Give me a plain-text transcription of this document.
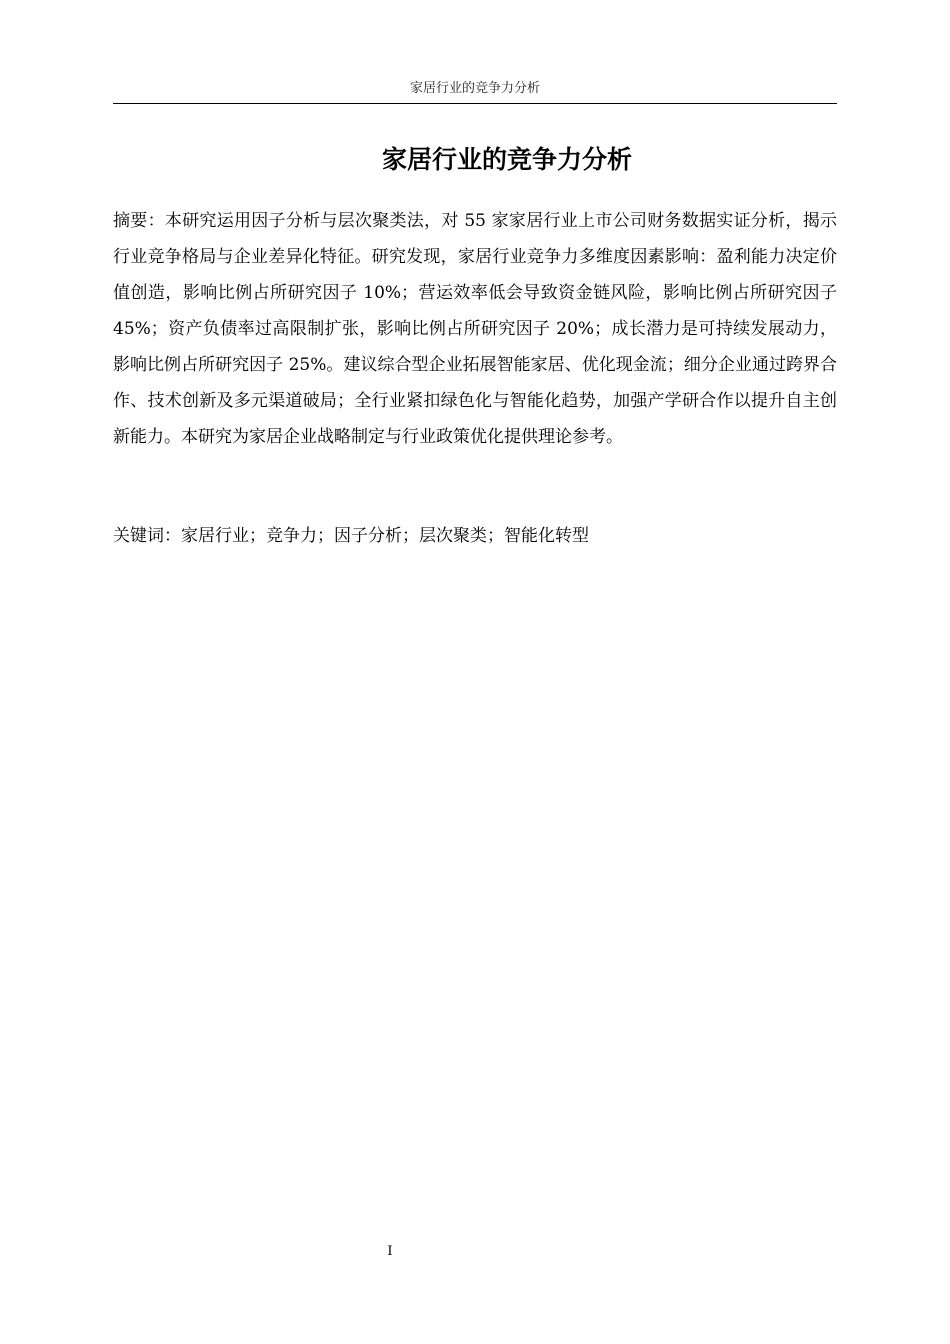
家居行业的竞争力分析
家居行业的竞争力分析
摘要：本研究运用因子分析与层次聚类法，对 55 家家居行业上市公司财务数据实证分析，揭示行业竞争格局与企业差异化特征。研究发现，家居行业竞争力多维度因素影响：盈利能力决定价值创造，影响比例占所研究因子 10%；营运效率低会导致资金链风险，影响比例占所研究因子 45%；资产负债率过高限制扩张，影响比例占所研究因子 20%；成长潜力是可持续发展动力，影响比例占所研究因子 25%。建议综合型企业拓展智能家居、优化现金流；细分企业通过跨界合作、技术创新及多元渠道破局；全行业紧扣绿色化与智能化趋势，加强产学研合作以提升自主创新能力。本研究为家居企业战略制定与行业政策优化提供理论参考。
关键词：家居行业；竞争力；因子分析；层次聚类；智能化转型
I
